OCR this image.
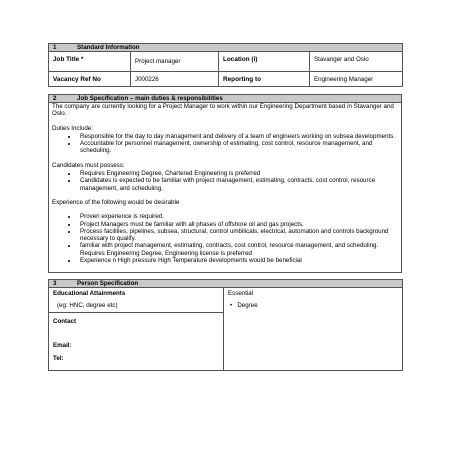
1 Standard Information			
Job Title *	Project manager	Location (i)	Stavanger and Oslo
Vacancy Ref No	J000226	Reporting to	Engineering Manager
2	Job Specification – main duties & responsibilities

The company are currently looking for a Project Manager to work within our Engineering Department based in Stavanger and Oslo.

Duties Include:

• Responsible for the day to day management and delivery of a team of engineers working on subsea developments.
• Accountable for personnel management, ownership of estimating, cost control, resource management, and scheduling.

Candidates must possess:

• Requires Engineering Degree, Chartered Engineering is preferred
• Candidates is expected to be familiar with project management, estimating, contracts, cost control, resource management, and scheduling.

Experience of the following would be desirable

• Proven experience is required.
• Project Managers must be familiar with all phases of offshore oil and gas projects.
• Process facilities, pipelines, subsea, structural, control umbilicals, electrical, automation and controls background necessary to qualify.
• familiar with project management, estimating, contracts, cost control, resource management, and scheduling. Requires Engineering Degree, Engineering license is preferred
• Experience n High pressure High Temperature developments would be beneficial
3	Person Specification

Educational Attainments
(eg: HNC, degree etc)

Essential
• Degree

Contact
Email:
Tel:
